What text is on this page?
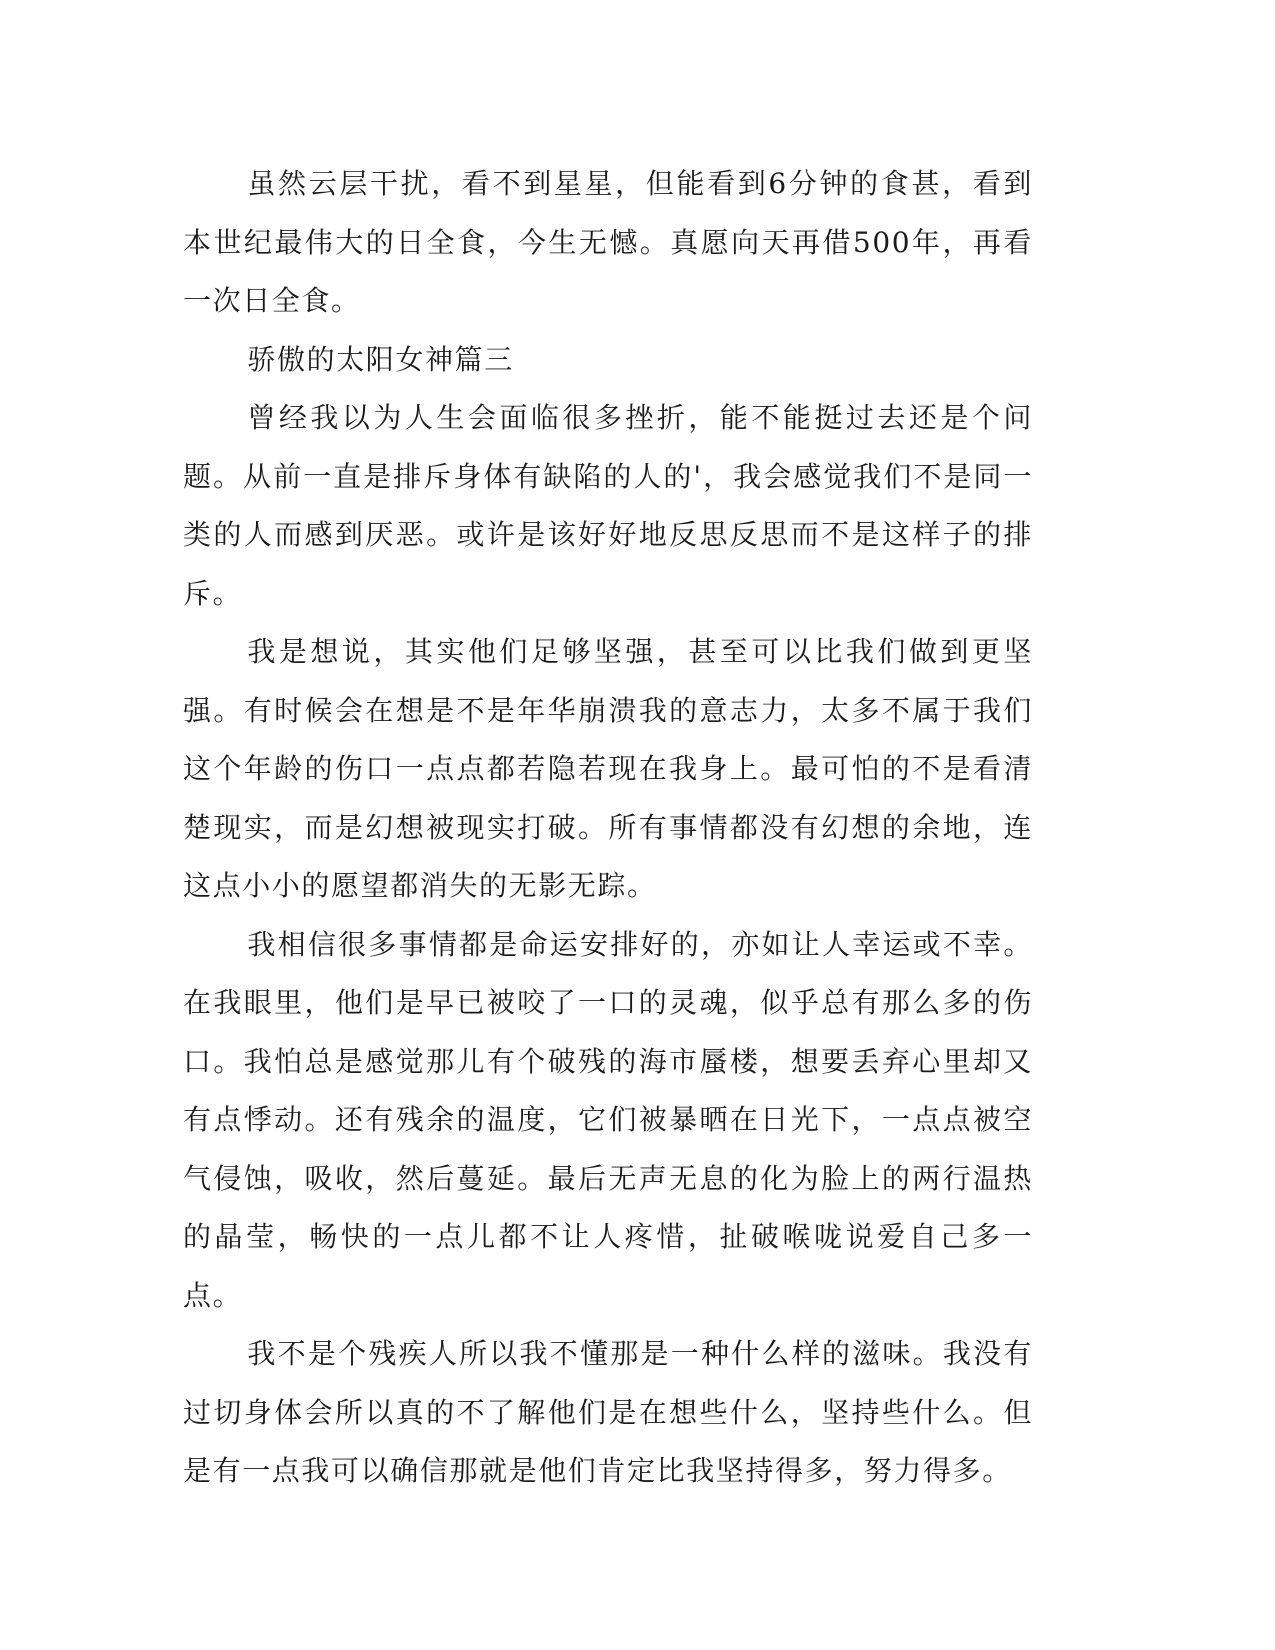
虽然云层干扰，看不到星星，但能看到6分钟的食甚，看到本世纪最伟大的日全食，今生无憾。真愿向天再借500年，再看一次日全食。

骄傲的太阳女神篇三

曾经我以为人生会面临很多挫折，能不能挺过去还是个问题。从前一直是排斥身体有缺陷的人的'，我会感觉我们不是同一类的人而感到厌恶。或许是该好好地反思反思而不是这样子的排斥。

我是想说，其实他们足够坚强，甚至可以比我们做到更坚强。有时候会在想是不是年华崩溃我的意志力，太多不属于我们这个年龄的伤口一点点都若隐若现在我身上。最可怕的不是看清楚现实，而是幻想被现实打破。所有事情都没有幻想的余地，连这点小小的愿望都消失的无影无踪。

我相信很多事情都是命运安排好的，亦如让人幸运或不幸。在我眼里，他们是早已被咬了一口的灵魂，似乎总有那么多的伤口。我怕总是感觉那儿有个破残的海市蜃楼，想要丢弃心里却又有点悸动。还有残余的温度，它们被暴晒在日光下，一点点被空气侵蚀，吸收，然后蔓延。最后无声无息的化为脸上的两行温热的晶莹，畅快的一点儿都不让人疼惜，扯破喉咙说爱自己多一点。

我不是个残疾人所以我不懂那是一种什么样的滋味。我没有过切身体会所以真的不了解他们是在想些什么，坚持些什么。但是有一点我可以确信那就是他们肯定比我坚持得多，努力得多。
